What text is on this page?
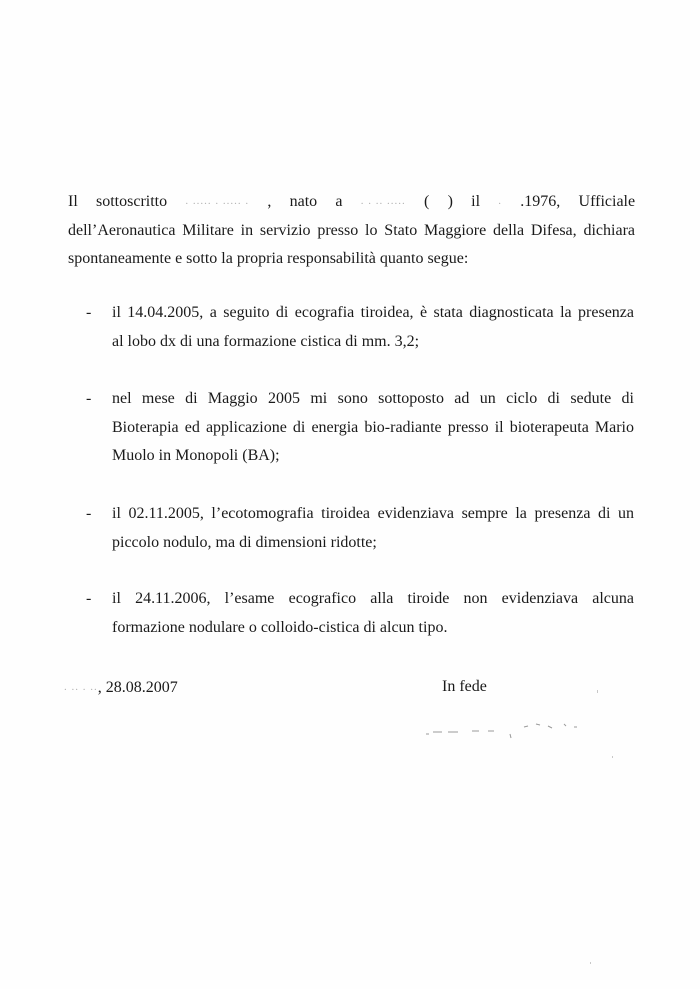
Il sottoscritto . ..... . ..... . , nato a . . .. ..... ( ) il . .1976, Ufficiale
dell’Aeronautica Militare in servizio presso lo Stato Maggiore della Difesa, dichiara
spontaneamente e sotto la propria responsabilità quanto segue:

- il 14.04.2005, a seguito di ecografia tiroidea, è stata diagnosticata la presenza
al lobo dx di una formazione cistica di mm. 3,2;
- nel mese di Maggio 2005 mi sono sottoposto ad un ciclo di sedute di
Bioterapia ed applicazione di energia bio-radiante presso il bioterapeuta Mario
Muolo in Monopoli (BA);
- il 02.11.2005, l’ecotomografia tiroidea evidenziava sempre la presenza di un
piccolo nodulo, ma di dimensioni ridotte;
- il 24.11.2006, l’esame ecografico alla tiroide non evidenziava alcuna
formazione nodulare o colloido-cistica di alcun tipo.
. .. . .., 28.08.2007	In fede
